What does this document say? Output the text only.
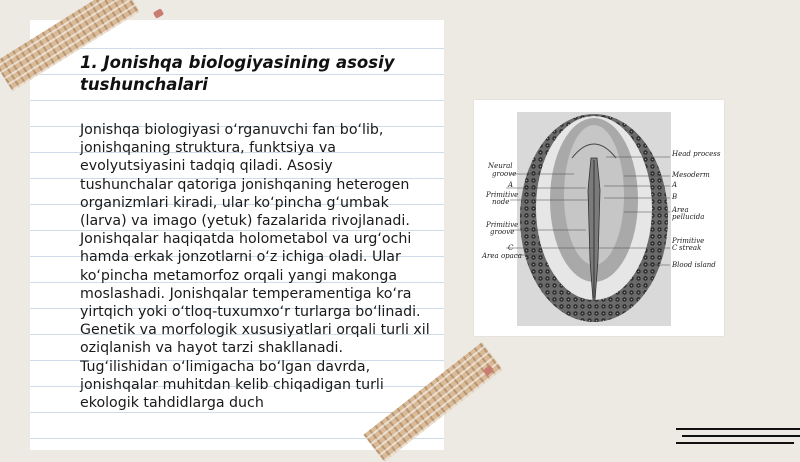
1. Jonishqa biologiyasining asosiy tushunchalari

Jonishqa biologiyasi o‘rganuvchi fan bo‘lib, jonishqaning struktura, funktsiya va evolyutsiyasini tadqiq qiladi. Asosiy tushunchalar qatoriga jonishqaning heterogen organizmlari kiradi, ular ko‘pincha g‘umbak (larva) va imago (yetuk) fazalarida rivojlanadi. Jonishqalar haqiqatda holometabol va urg‘ochi hamda erkak jonzotlarni o‘z ichiga oladi. Ular ko‘pincha metamorfoz orqali yangi makonga moslashadi. Jonishqalar temperamentiga ko‘ra yirtqich yoki o‘tloq-tuxumxo‘r turlarga bo‘linadi. Genetik va morfologik xususiyatlari orqali turli xil oziqlanish va hayot tarzi shakllanadi. Tug‘ilishidan o‘limigacha bo‘lgan davrda, jonishqalar muhitdan kelib chiqadigan turli ekologik tahdidlarga duch

Neural
groove
A
Primitive
node
Primitive
groove
C
Area opaca
Head process
Mesoderm
A
B
Area
pellucida
Primitive
C streak
Blood island
